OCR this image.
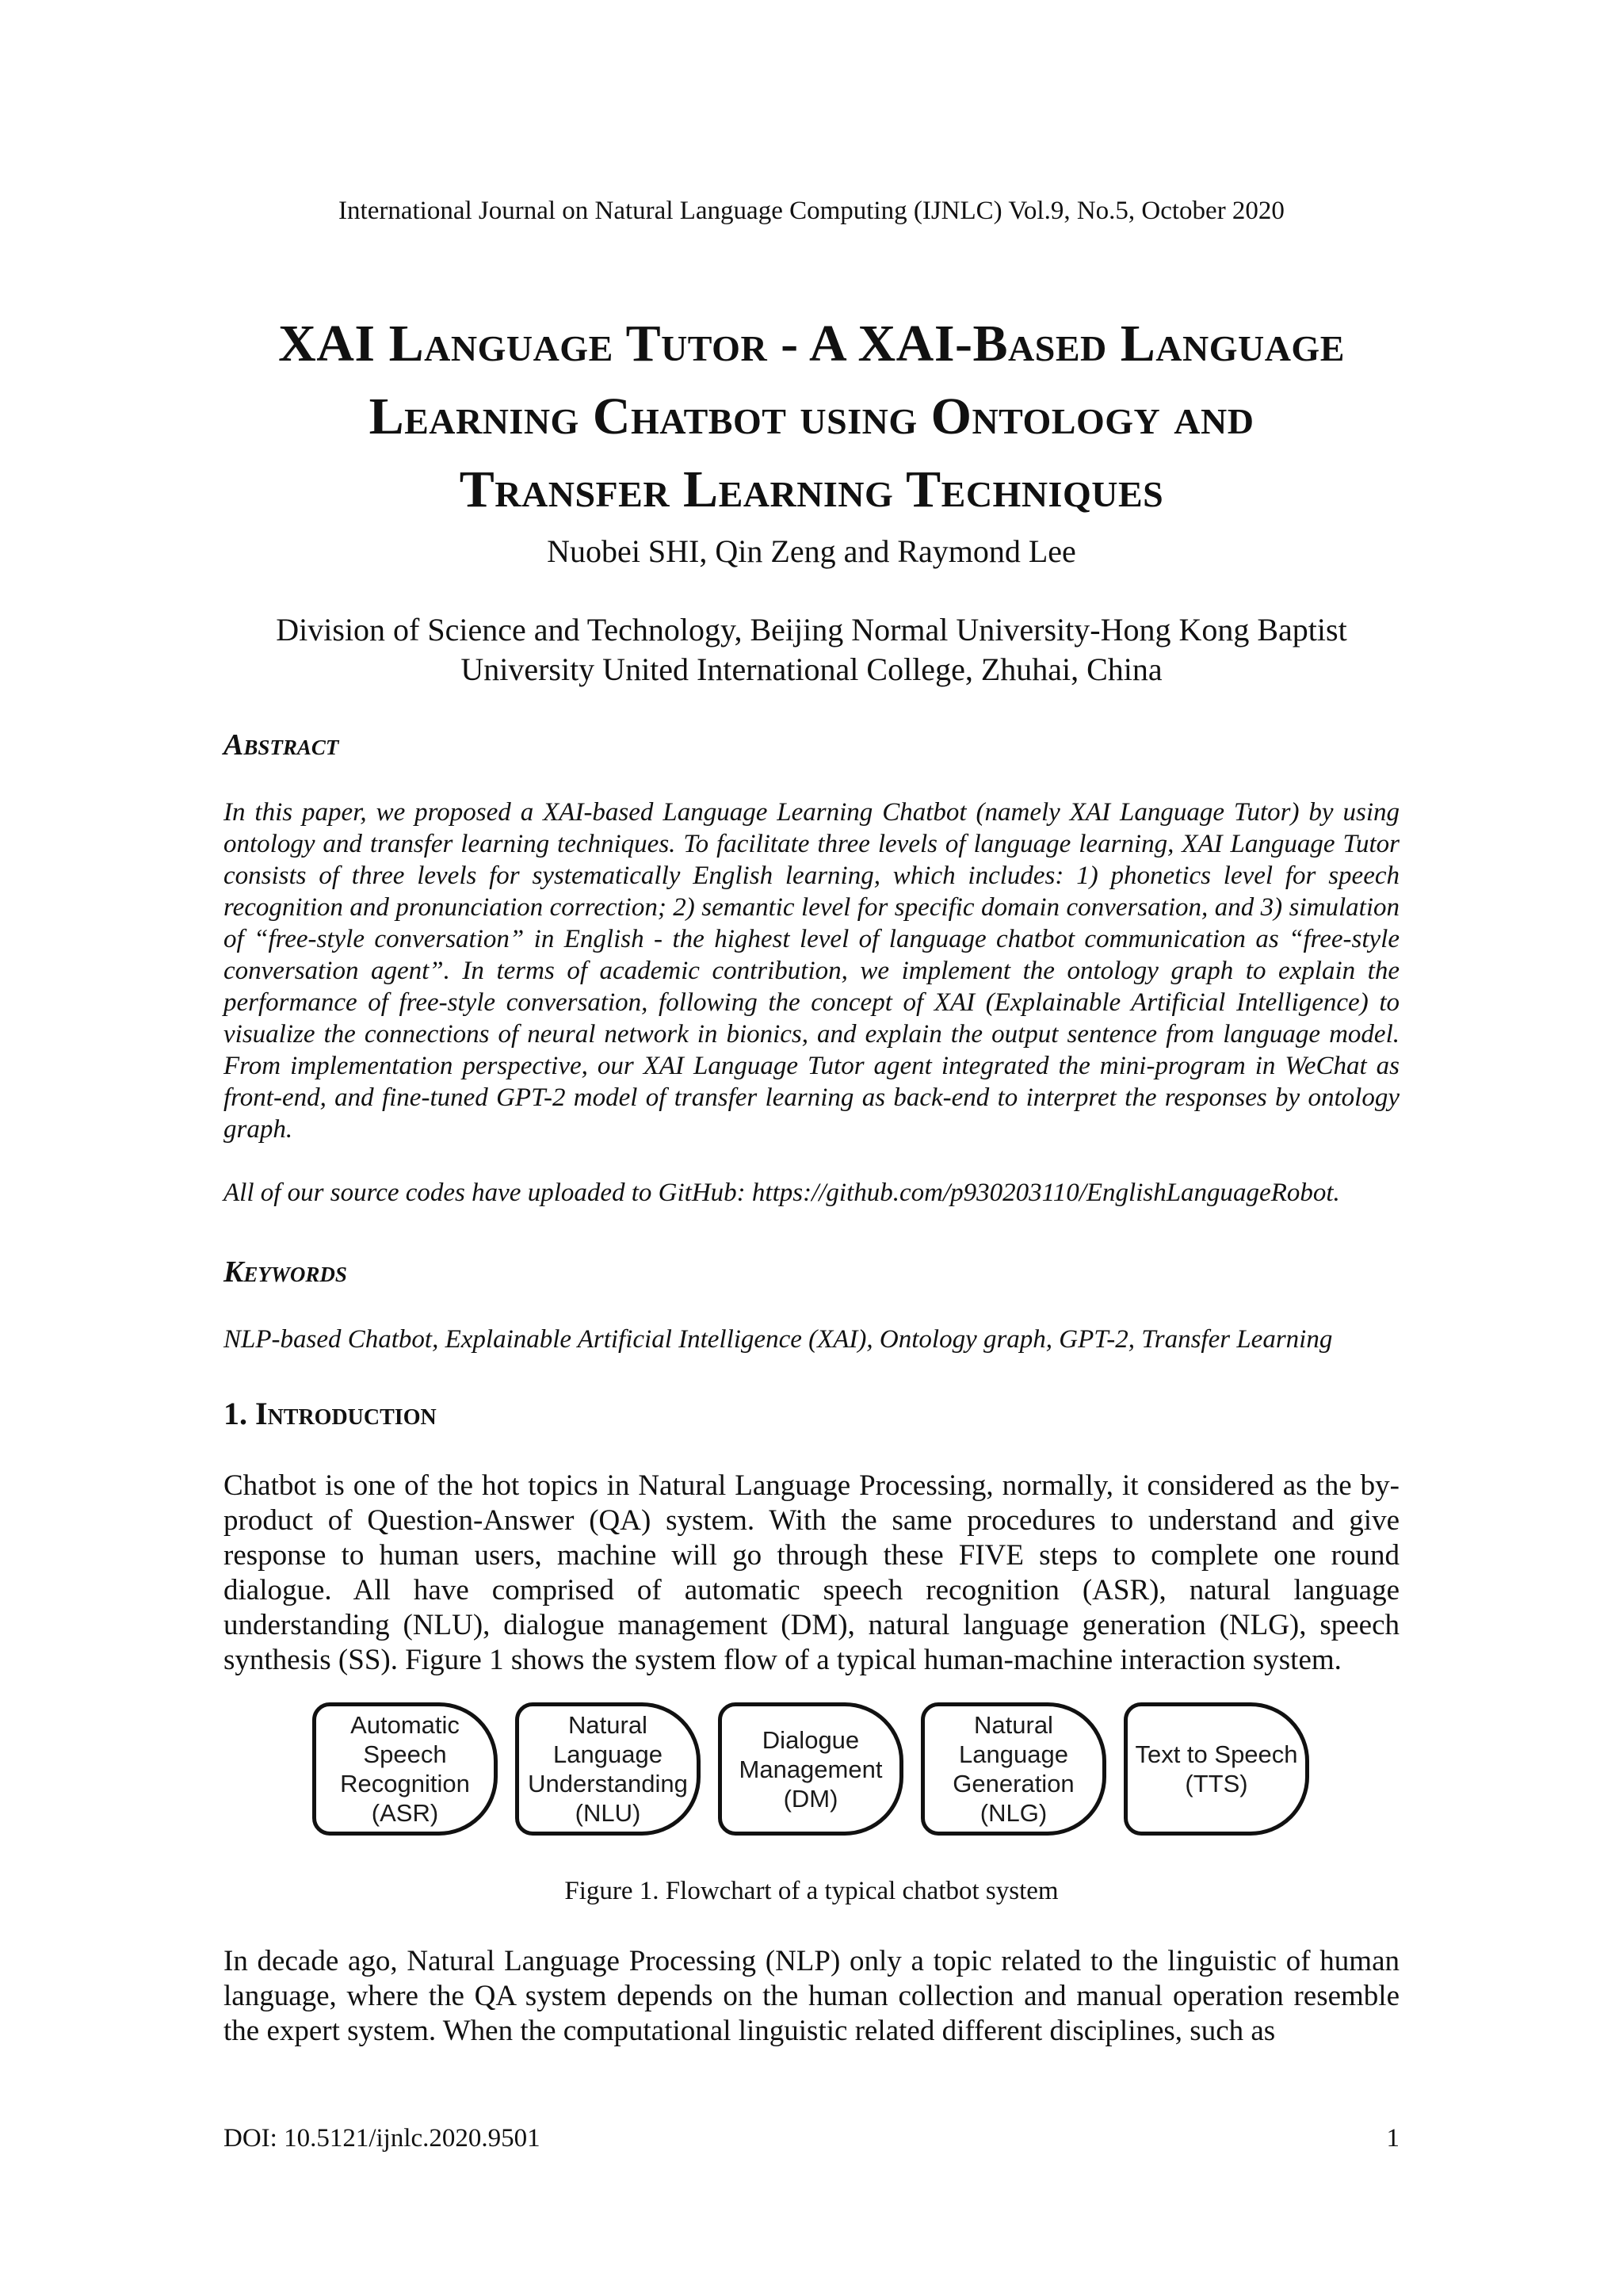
International Journal on Natural Language Computing (IJNLC) Vol.9, No.5, October 2020
XAI Language Tutor - A XAI-Based Language
Learning Chatbot using Ontology and
Transfer Learning Techniques
Nuobei SHI, Qin Zeng and Raymond Lee
Division of Science and Technology, Beijing Normal University-Hong Kong Baptist
University United International College, Zhuhai, China
Abstract
In this paper, we proposed a XAI-based Language Learning Chatbot (namely XAI Language Tutor) by using ontology and transfer learning techniques. To facilitate three levels of language learning, XAI Language Tutor consists of three levels for systematically English learning, which includes: 1) phonetics level for speech recognition and pronunciation correction; 2) semantic level for specific domain conversation, and 3) simulation of “free-style conversation” in English - the highest level of language chatbot communication as “free-style conversation agent”. In terms of academic contribution, we implement the ontology graph to explain the performance of free-style conversation, following the concept of XAI (Explainable Artificial Intelligence) to visualize the connections of neural network in bionics, and explain the output sentence from language model. From implementation perspective, our XAI Language Tutor agent integrated the mini-program in WeChat as front-end, and fine-tuned GPT-2 model of transfer learning as back-end to interpret the responses by ontology graph.
All of our source codes have uploaded to GitHub: https://github.com/p930203110/EnglishLanguageRobot.
Keywords
NLP-based Chatbot, Explainable Artificial Intelligence (XAI), Ontology graph, GPT-2, Transfer Learning
1. Introduction
Chatbot is one of the hot topics in Natural Language Processing, normally, it considered as the by-product of Question-Answer (QA) system. With the same procedures to understand and give response to human users, machine will go through these FIVE steps to complete one round dialogue. All have comprised of automatic speech recognition (ASR), natural language understanding (NLU), dialogue management (DM), natural language generation (NLG), speech synthesis (SS). Figure 1 shows the system flow of a typical human-machine interaction system.
Automatic
Speech
Recognition
(ASR)
Natural
Language
Understanding
(NLU)
Dialogue
Management
(DM)
Natural
Language
Generation
(NLG)
Text to Speech
(TTS)
Figure 1. Flowchart of a typical chatbot system
In decade ago, Natural Language Processing (NLP) only a topic related to the linguistic of human language, where the QA system depends on the human collection and manual operation resemble the expert system. When the computational linguistic related different disciplines, such as
DOI: 10.5121/ijnlc.2020.9501	1
